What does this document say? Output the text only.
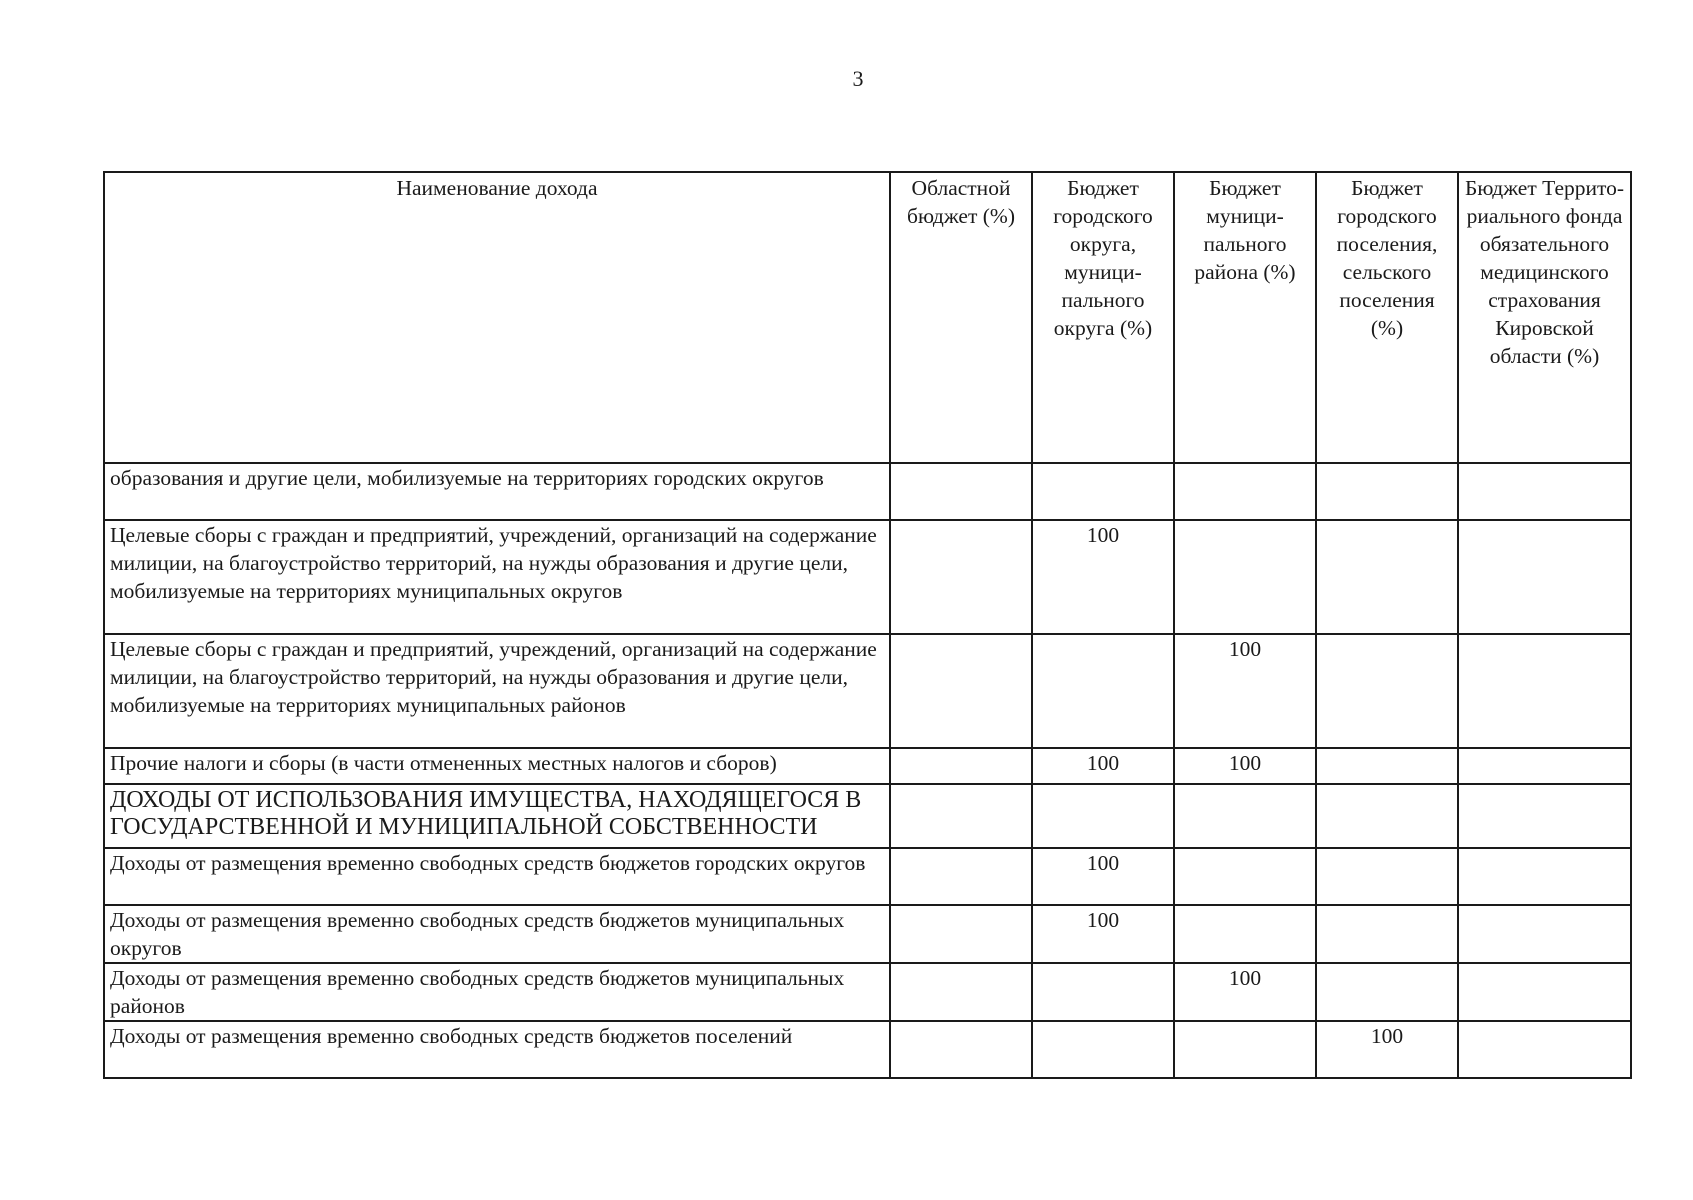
3
Наименование дохода	Областной бюджет (%)	Бюджет городского округа, муници-пального округа (%)	Бюджет муници-пального района (%)	Бюджет городского поселения, сельского поселения (%)	Бюджет Террито-риального фонда обязательного медицинского страхования Кировской области (%)
образования и другие цели, мобилизуемые на территориях городских округов					
Целевые сборы с граждан и предприятий, учреждений, организаций на содержание милиции, на благоустройство территорий, на нужды образования и другие цели, мобилизуемые на территориях муниципальных округов		100			
Целевые сборы с граждан и предприятий, учреждений, организаций на содержание милиции, на благоустройство территорий, на нужды образования и другие цели, мобилизуемые на территориях муниципальных районов			100		
Прочие налоги и сборы (в части отмененных местных налогов и сборов)		100	100		
ДОХОДЫ ОТ ИСПОЛЬЗОВАНИЯ ИМУЩЕСТВА, НАХОДЯЩЕГОСЯ В ГОСУДАРСТВЕННОЙ И МУНИЦИПАЛЬНОЙ СОБСТВЕННОСТИ					
Доходы от размещения временно свободных средств бюджетов городских округов		100			
Доходы от размещения временно свободных средств бюджетов муниципальных округов		100			
Доходы от размещения временно свободных средств бюджетов муниципальных районов			100		
Доходы от размещения временно свободных средств бюджетов поселений				100	
